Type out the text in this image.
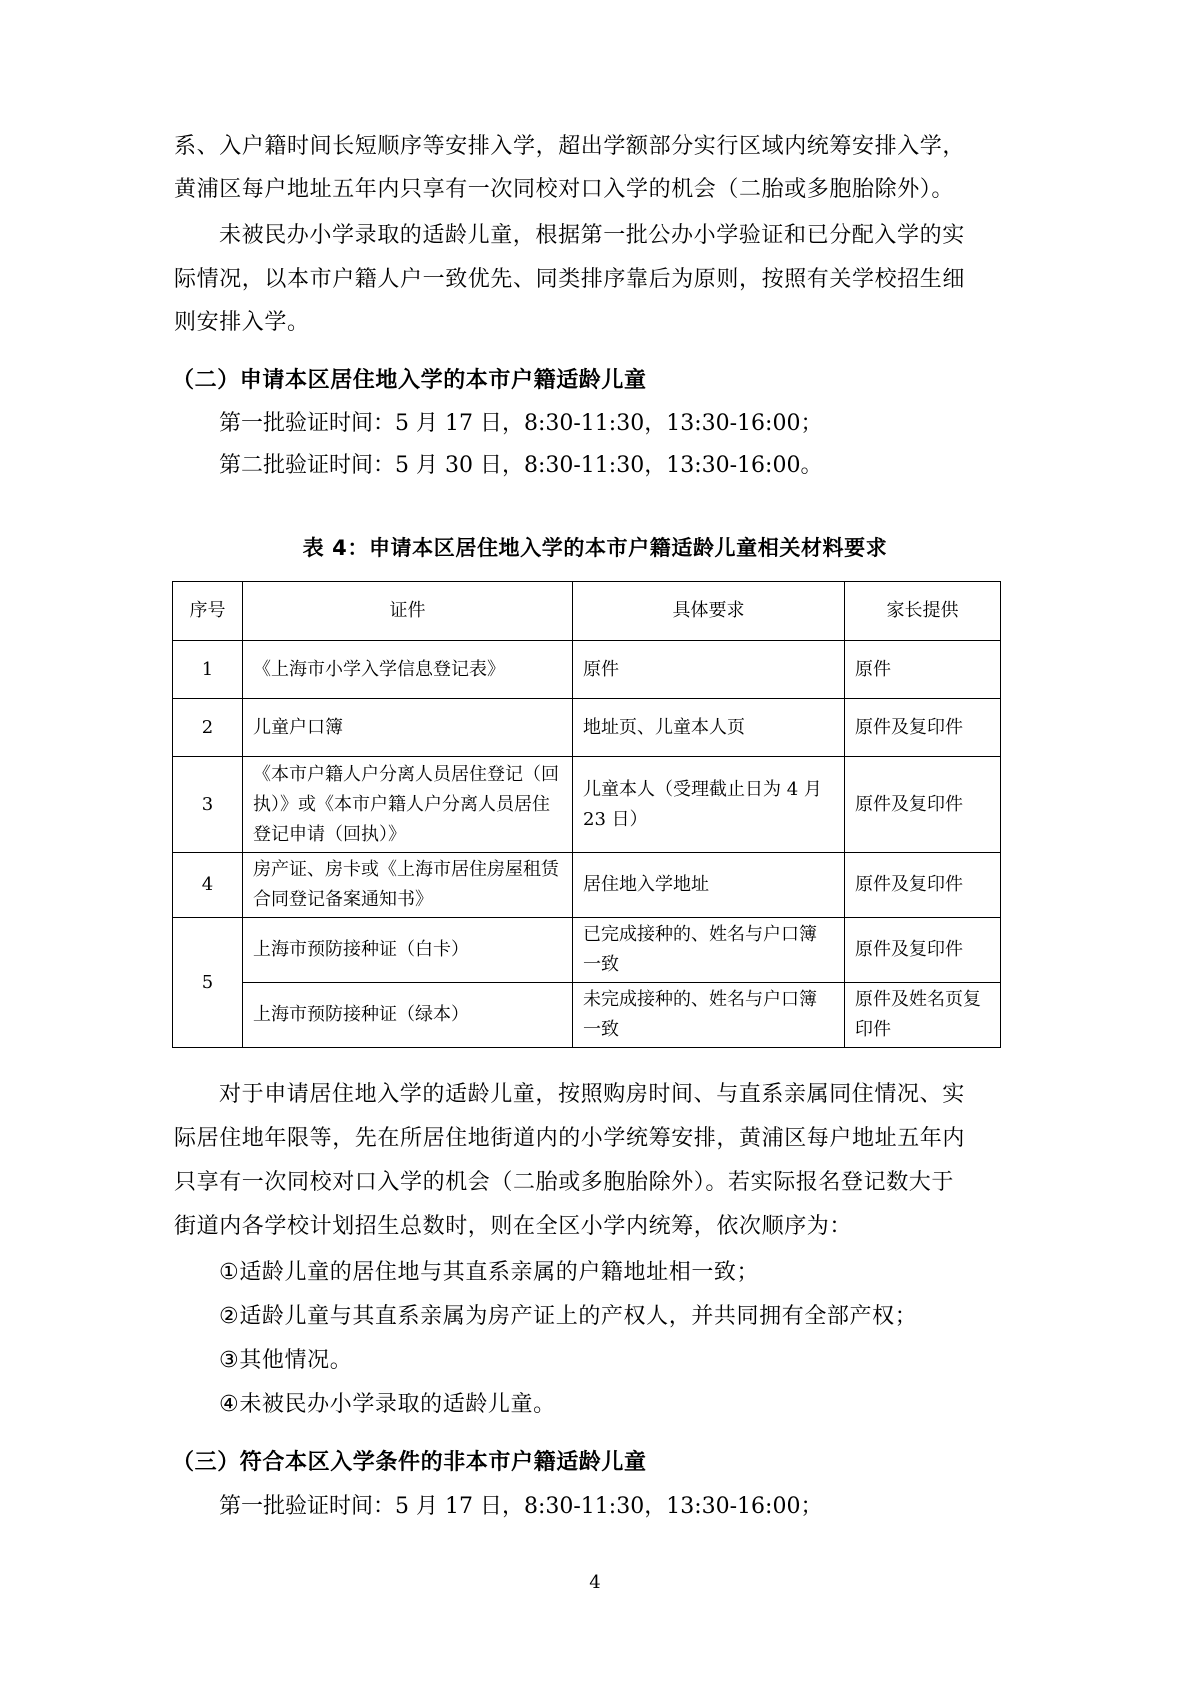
系、入户籍时间长短顺序等安排入学，超出学额部分实行区域内统筹安排入学，
黄浦区每户地址五年内只享有一次同校对口入学的机会（二胎或多胞胎除外）。
未被民办小学录取的适龄儿童，根据第一批公办小学验证和已分配入学的实
际情况，以本市户籍人户一致优先、同类排序靠后为原则，按照有关学校招生细
则安排入学。
（二）申请本区居住地入学的本市户籍适龄儿童
第一批验证时间：5 月 17 日，8:30-11:30，13:30-16:00；
第二批验证时间：5 月 30 日，8:30-11:30，13:30-16:00。
表 4：申请本区居住地入学的本市户籍适龄儿童相关材料要求
序号	证件	具体要求	家长提供
1	《上海市小学入学信息登记表》	原件	原件
2	儿童户口簿	地址页、儿童本人页	原件及复印件
3	《本市户籍人户分离人员居住登记（回执）》或《本市户籍人户分离人员居住登记申请（回执）》	儿童本人（受理截止日为 4 月 23 日）	原件及复印件
4	房产证、房卡或《上海市居住房屋租赁合同登记备案通知书》	居住地入学地址	原件及复印件
5	上海市预防接种证（白卡）	已完成接种的、姓名与户口簿一致	原件及复印件
	上海市预防接种证（绿本）	未完成接种的、姓名与户口簿一致	原件及姓名页复印件
对于申请居住地入学的适龄儿童，按照购房时间、与直系亲属同住情况、实
际居住地年限等，先在所居住地街道内的小学统筹安排，黄浦区每户地址五年内
只享有一次同校对口入学的机会（二胎或多胞胎除外）。若实际报名登记数大于
街道内各学校计划招生总数时，则在全区小学内统筹，依次顺序为：
①适龄儿童的居住地与其直系亲属的户籍地址相一致；
②适龄儿童与其直系亲属为房产证上的产权人，并共同拥有全部产权；
③其他情况。
④未被民办小学录取的适龄儿童。
（三）符合本区入学条件的非本市户籍适龄儿童
第一批验证时间：5 月 17 日，8:30-11:30，13:30-16:00；
4
